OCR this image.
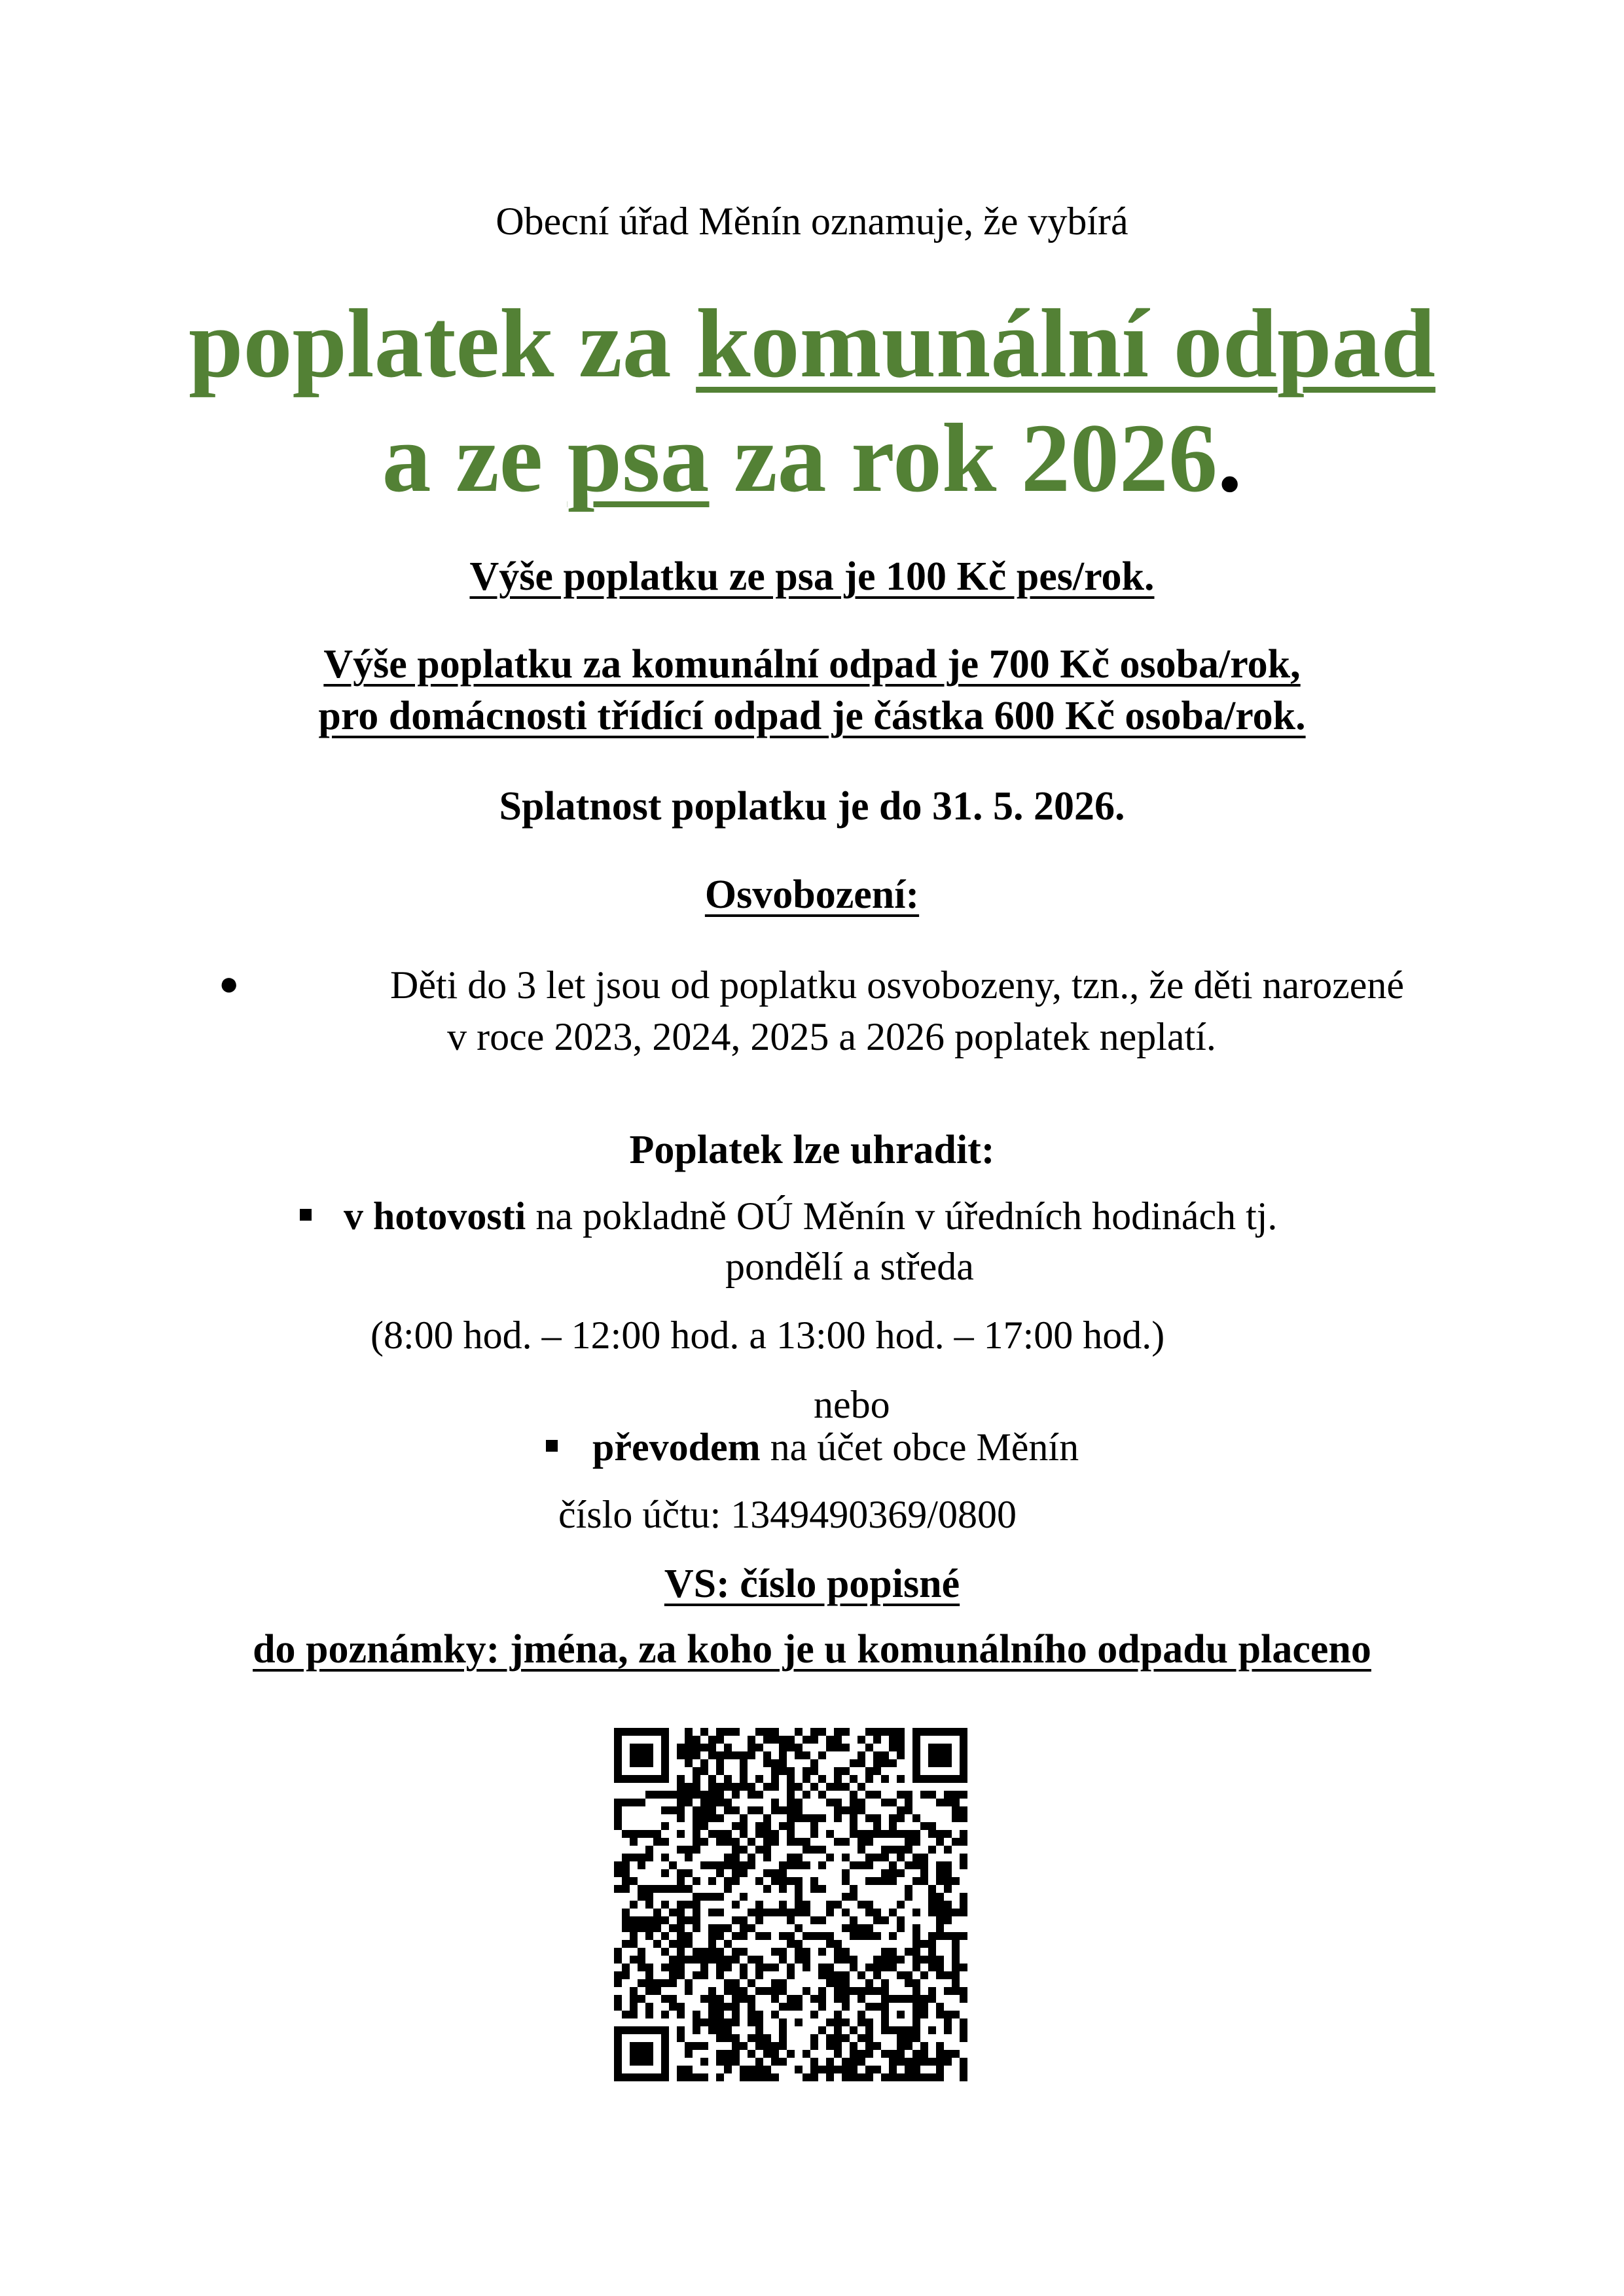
Obecní úřad Měnín oznamuje, že vybírá
poplatek za komunální odpad
a ze psa za rok 2026.
Výše poplatku ze psa je 100 Kč pes/rok.
Výše poplatku za komunální odpad je 700 Kč osoba/rok,
pro domácnosti třídící odpad je částka 600 Kč osoba/rok.
Splatnost poplatku je do 31. 5. 2026.
Osvobození:
●	Děti do 3 let jsou od poplatku osvobozeny, tzn., že děti narozené
v roce 2023, 2024, 2025 a 2026 poplatek neplatí.
Poplatek lze uhradit:
v hotovosti na pokladně OÚ Měnín v úředních hodinách tj.
pondělí a středa
(8:00 hod. – 12:00 hod. a 13:00 hod. – 17:00 hod.)
nebo
převodem na účet obce Měnín
číslo účtu: 1349490369/0800
VS: číslo popisné
do poznámky: jména, za koho je u komunálního odpadu placeno
